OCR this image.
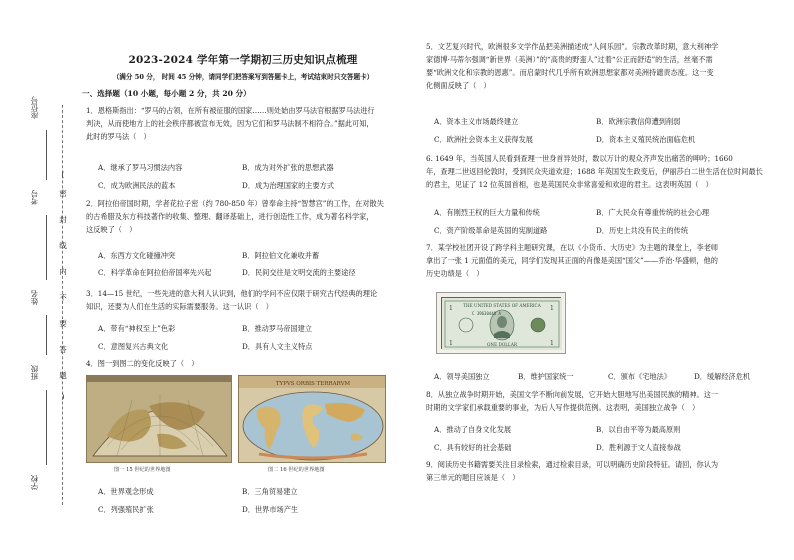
座位号
考号
姓名
班级
学校
(
密
封
线
内
不
要
答
题
)
2023-2024 学年第一学期初三历史知识点梳理
（满分 50 分， 时间 45 分钟，请同学们把答案写到答题卡上，考试结束时只交答题卡）
一、选择题（10 小题，每小题 2 分，共 20 分）

1．恩格斯指出：“罗马的占领，在所有被征服的国家……则处始由罗马法官根据罗马法进行

判决，从而使地方上的社会秩序都被宣布无效，因为它们和罗马法制不相符合。”据此可知，

此时的罗马法（　）

A．继承了罗马习惯法内容	B．成为对外扩张的思想武器
C．成为欧洲民法的蓝本	D．成为治理国家的主要方式

2．阿拉伯帝国时期，学者花拉子密（约 780-850 年）曾奉命主持“智慧宫”的工作，在对散失

的古希腊及东方科技著作的收集、整理、翻译基础上，进行创造性工作，成为著名科学家，

这反映了（　）

A．东西方文化碰撞冲突	B．阿拉伯文化兼收并蓄
C．科学革命在阿拉伯帝国率先兴起	D．民间交往是文明交流的主要途径

3．14—15 世纪，一些先进的意大利人认识到，他们的学问不应仅限于研究古代经典的理论

知识，还要为人们在生活的实际需要服务。这一认识（　）

A．带有“神权至上”色彩	B．推动罗马帝国建立
C．意图复兴古典文化	D．具有人文主义特点

4．图一到图二的变化反映了（　）

TYPVS ORBIS TERRARVM
图一 15 世纪的世界地图	图二 16 世纪的世界地图
A．世界观念形成	B．三角贸易建立
C．列强殖民扩张	D．世界市场产生

5．文艺复兴时代，欧洲很多文学作品把美洲描述成“人间乐园”。宗教改革时期，意大利神学

家德博·马蒂尔强调“新世界（美洲）”的“高贵的野蛮人”过着“公正而舒适”的生活，丝毫不需

要“欧洲文化和宗教的恩惠”。而启蒙时代几乎所有欧洲思想家都对美洲持谴责态度。这一变

化侧面反映了（　）

A．资本主义市场最终建立	B．欧洲宗教信仰遭到削弱
C．欧洲社会资本主义获得发展	D．资本主义殖民统治面临危机

6. 1649 年，当英国人民看到查理一世身首异处时，数以万计的观众齐声发出痛苦的呻吟；1660

年，查理二世返回伦敦时，受到民众夹道欢迎；1688 年英国发生政变后，伊丽莎白二世生活在位时间最长

的君主，见证了 12 位英国首相，也是英国民众非常喜爱和欢迎的君主。这表明英国（　）

A．有刚烈王权的巨大力量和传统	B．广大民众有尊重传统的社会心理
C．资产阶级革命是英国的宪制道路	D．历史上共没有民主的传统

7．某学校社团开设了跨学科主题研究课，在以《小货币、大历史》为主题的课堂上，李老师

拿出了一张 1 元面值的美元，同学们发现其正面的肖像是美国“国父”——乔治·华盛顿，他的

历史功绩是（　）

THE UNITED STATES OF AMERICA
C 39630448 A
ONE DOLLAR
1	1
1	1
A．领导美国独立	B．维护国家统一	C．颁布《宅地法》	D．缓解经济危机

8．从独立战争时期开始，美国文学不断向前发展，它开始大胆地写出美国民族的精神。这一

时期的文学家们承载重要的事业，为后人写作提供范例。这表明，美国独立战争（　）

A．推动了自身文化发展	B．以自由平等为最高原则
C．具有较好的社会基础	D．胜利源于文人直接参战

9．阅读历史书籍需要关注目录检索，通过检索目录，可以明确历史阶段特征。请回，你认为

第三单元的题目应该是（　）
